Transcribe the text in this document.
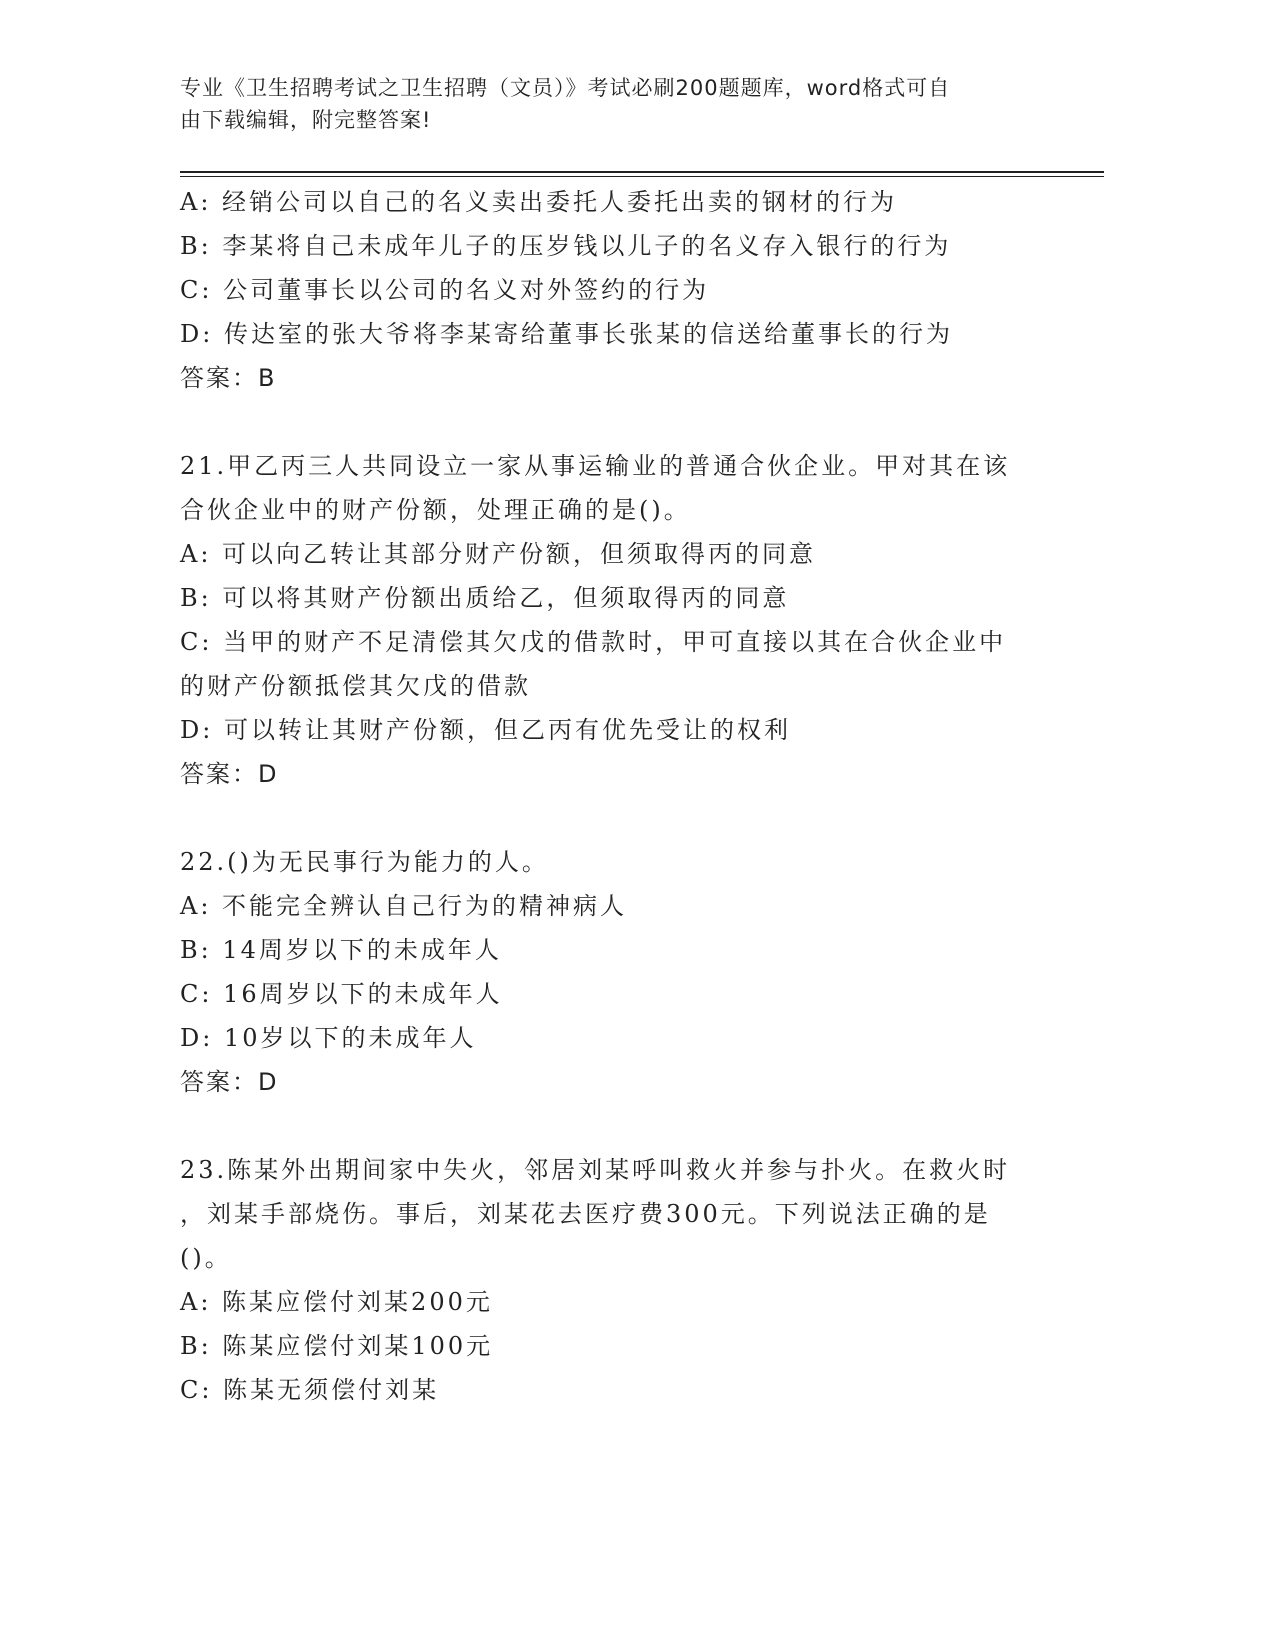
专业《卫生招聘考试之卫生招聘（文员）》考试必刷200题题库，word格式可自
由下载编辑，附完整答案!
A: 经销公司以自己的名义卖出委托人委托出卖的钢材的行为
B: 李某将自己未成年儿子的压岁钱以儿子的名义存入银行的行为
C: 公司董事长以公司的名义对外签约的行为
D: 传达室的张大爷将李某寄给董事长张某的信送给董事长的行为
答案：B
21.甲乙丙三人共同设立一家从事运输业的普通合伙企业。甲对其在该
合伙企业中的财产份额，处理正确的是()。
A: 可以向乙转让其部分财产份额，但须取得丙的同意
B: 可以将其财产份额出质给乙，但须取得丙的同意
C: 当甲的财产不足清偿其欠戊的借款时，甲可直接以其在合伙企业中
的财产份额抵偿其欠戊的借款
D: 可以转让其财产份额，但乙丙有优先受让的权利
答案：D
22.()为无民事行为能力的人。
A: 不能完全辨认自己行为的精神病人
B: 14周岁以下的未成年人
C: 16周岁以下的未成年人
D: 10岁以下的未成年人
答案：D
23.陈某外出期间家中失火，邻居刘某呼叫救火并参与扑火。在救火时
，刘某手部烧伤。事后，刘某花去医疗费300元。下列说法正确的是
()。
A: 陈某应偿付刘某200元
B: 陈某应偿付刘某100元
C: 陈某无须偿付刘某
